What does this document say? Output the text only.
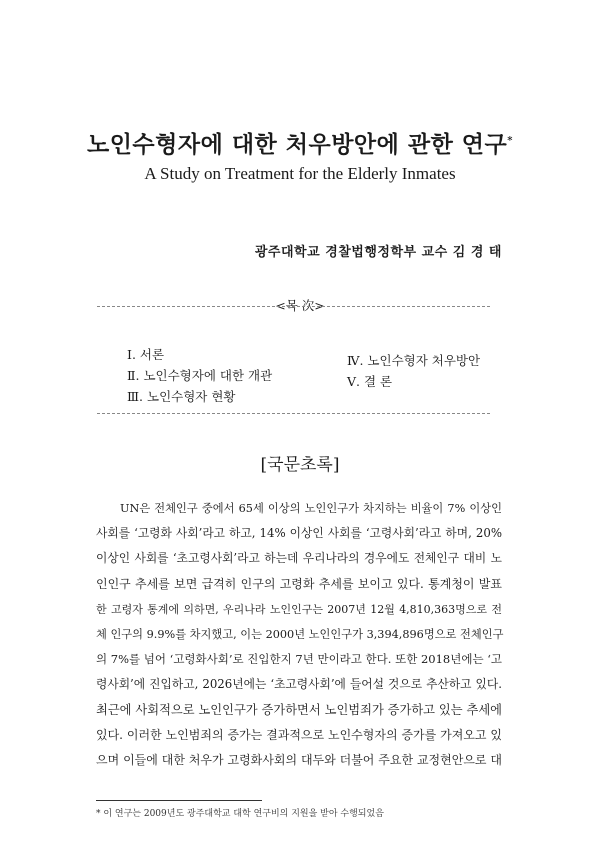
노인수형자에 대한 처우방안에 관한 연구*
A Study on Treatment for the Elderly Inmates
광주대학교 경찰법행정학부 교수 김 경 태
<목 次>
Ⅰ. 서론
Ⅱ. 노인수형자에 대한 개관
Ⅲ. 노인수형자 현황
Ⅳ. 노인수형자 처우방안
Ⅴ. 결 론
[국문초록]
UN은 전체인구 중에서 65세 이상의 노인인구가 차지하는 비율이 7% 이상인
사회를 ‘고령화 사회’라고 하고, 14% 이상인 사회를 ‘고령사회’라고 하며, 20%
이상인 사회를 ‘초고령사회’라고 하는데 우리나라의 경우에도 전체인구 대비 노
인인구 추세를 보면 급격히 인구의 고령화 추세를 보이고 있다. 통계청이 발표
한 고령자 통계에 의하면, 우리나라 노인인구는 2007년 12월 4,810,363명으로 전
체 인구의 9.9%를 차지했고, 이는 2000년 노인인구가 3,394,896명으로 전체인구
의 7%를 넘어 ‘고령화사회’로 진입한지 7년 만이라고 한다. 또한 2018년에는 ‘고
령사회’에 진입하고, 2026년에는 ‘초고령사회’에 들어설 것으로 추산하고 있다.
최근에 사회적으로 노인인구가 증가하면서 노인범죄가 증가하고 있는 추세에
있다. 이러한 노인범죄의 증가는 결과적으로 노인수형자의 증가를 가져오고 있
으며 이들에 대한 처우가 고령화사회의 대두와 더불어 주요한 교정현안으로 대
* 이 연구는 2009년도 광주대학교 대학 연구비의 지원을 받아 수행되었음
